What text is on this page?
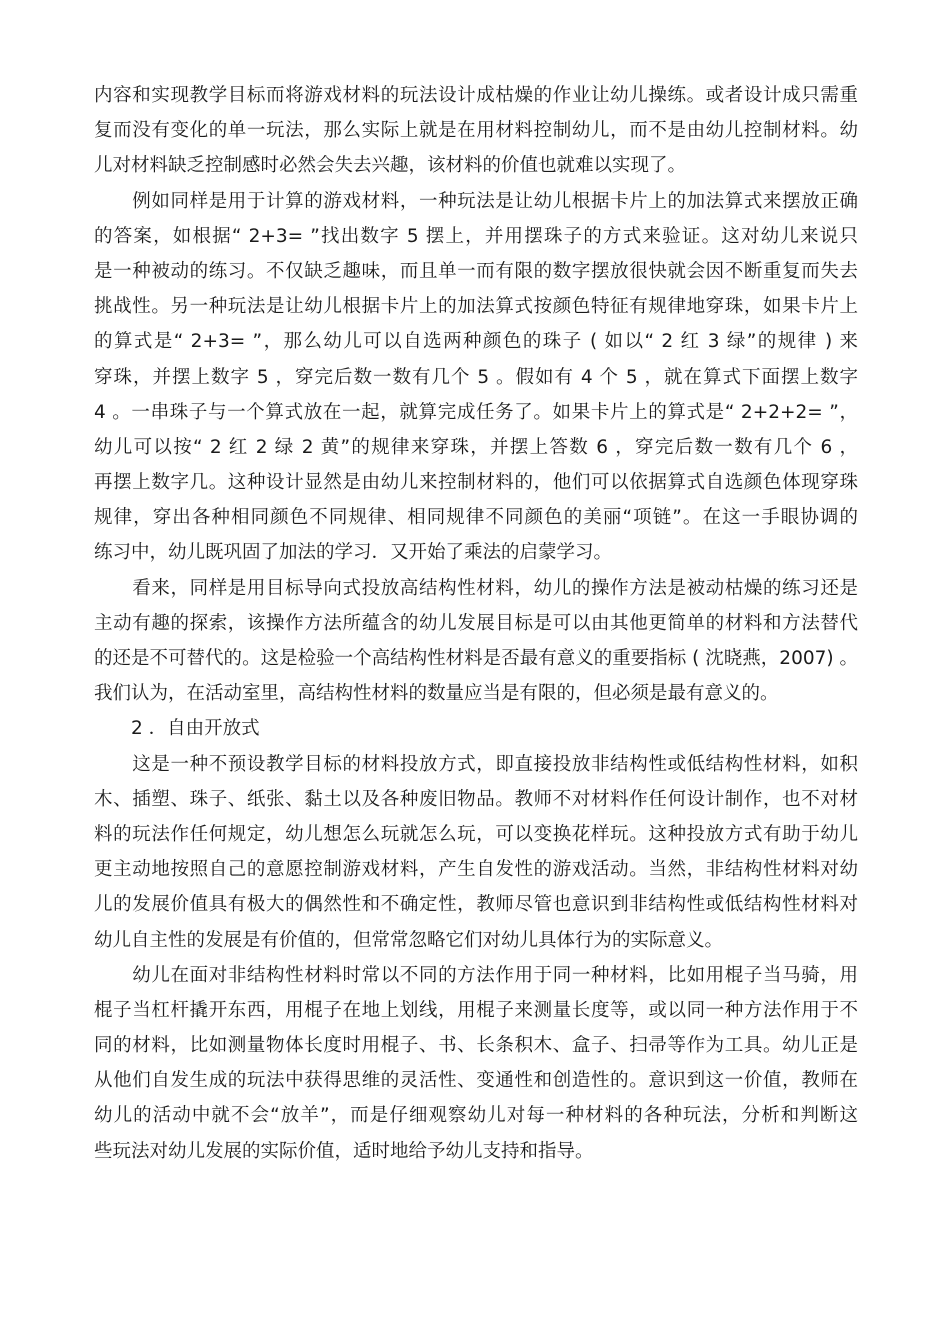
内容和实现教学目标而将游戏材料的玩法设计成枯燥的作业让幼儿操练。或者设计成只需重
复而没有变化的单一玩法，那么实际上就是在用材料控制幼儿，而不是由幼儿控制材料。幼
儿对材料缺乏控制感时必然会失去兴趣，该材料的价值也就难以实现了。
　　例如同样是用于计算的游戏材料，一种玩法是让幼儿根据卡片上的加法算式来摆放正确
的答案，如根据“ 2+3= ”找出数字 5 摆上，并用摆珠子的方式来验证。这对幼儿来说只
是一种被动的练习。不仅缺乏趣味，而且单一而有限的数字摆放很快就会因不断重复而失去
挑战性。另一种玩法是让幼儿根据卡片上的加法算式按颜色特征有规律地穿珠，如果卡片上
的算式是“ 2+3= ”，那么幼儿可以自选两种颜色的珠子 ( 如以“ 2 红 3 绿”的规律 ) 来
穿珠，并摆上数字 5 ，穿完后数一数有几个 5 。假如有 4 个 5 ，就在算式下面摆上数字
4 。一串珠子与一个算式放在一起，就算完成任务了。如果卡片上的算式是“ 2+2+2= ”，
幼儿可以按“ 2 红 2 绿 2 黄”的规律来穿珠，并摆上答数 6 ，穿完后数一数有几个 6 ，
再摆上数字几。这种设计显然是由幼儿来控制材料的，他们可以依据算式自选颜色体现穿珠
规律，穿出各种相同颜色不同规律、相同规律不同颜色的美丽“项链”。在这一手眼协调的
练习中，幼儿既巩固了加法的学习．又开始了乘法的启蒙学习。
　　看来，同样是用目标导向式投放高结构性材料，幼儿的操作方法是被动枯燥的练习还是
主动有趣的探索，该操作方法所蕴含的幼儿发展目标是可以由其他更简单的材料和方法替代
的还是不可替代的。这是检验一个高结构性材料是否最有意义的重要指标 ( 沈晓燕，2007) 。
我们认为，在活动室里，高结构性材料的数量应当是有限的，但必须是最有意义的。
　　2 ．自由开放式
　　这是一种不预设教学目标的材料投放方式，即直接投放非结构性或低结构性材料，如积
木、插塑、珠子、纸张、黏土以及各种废旧物品。教师不对材料作任何设计制作，也不对材
料的玩法作任何规定，幼儿想怎么玩就怎么玩，可以变换花样玩。这种投放方式有助于幼儿
更主动地按照自己的意愿控制游戏材料，产生自发性的游戏活动。当然，非结构性材料对幼
儿的发展价值具有极大的偶然性和不确定性，教师尽管也意识到非结构性或低结构性材料对
幼儿自主性的发展是有价值的，但常常忽略它们对幼儿具体行为的实际意义。
　　幼儿在面对非结构性材料时常以不同的方法作用于同一种材料，比如用棍子当马骑，用
棍子当杠杆撬开东西，用棍子在地上划线，用棍子来测量长度等，或以同一种方法作用于不
同的材料，比如测量物体长度时用棍子、书、长条积木、盒子、扫帚等作为工具。幼儿正是
从他们自发生成的玩法中获得思维的灵活性、变通性和创造性的。意识到这一价值，教师在
幼儿的活动中就不会“放羊”，而是仔细观察幼儿对每一种材料的各种玩法，分析和判断这
些玩法对幼儿发展的实际价值，适时地给予幼儿支持和指导。
